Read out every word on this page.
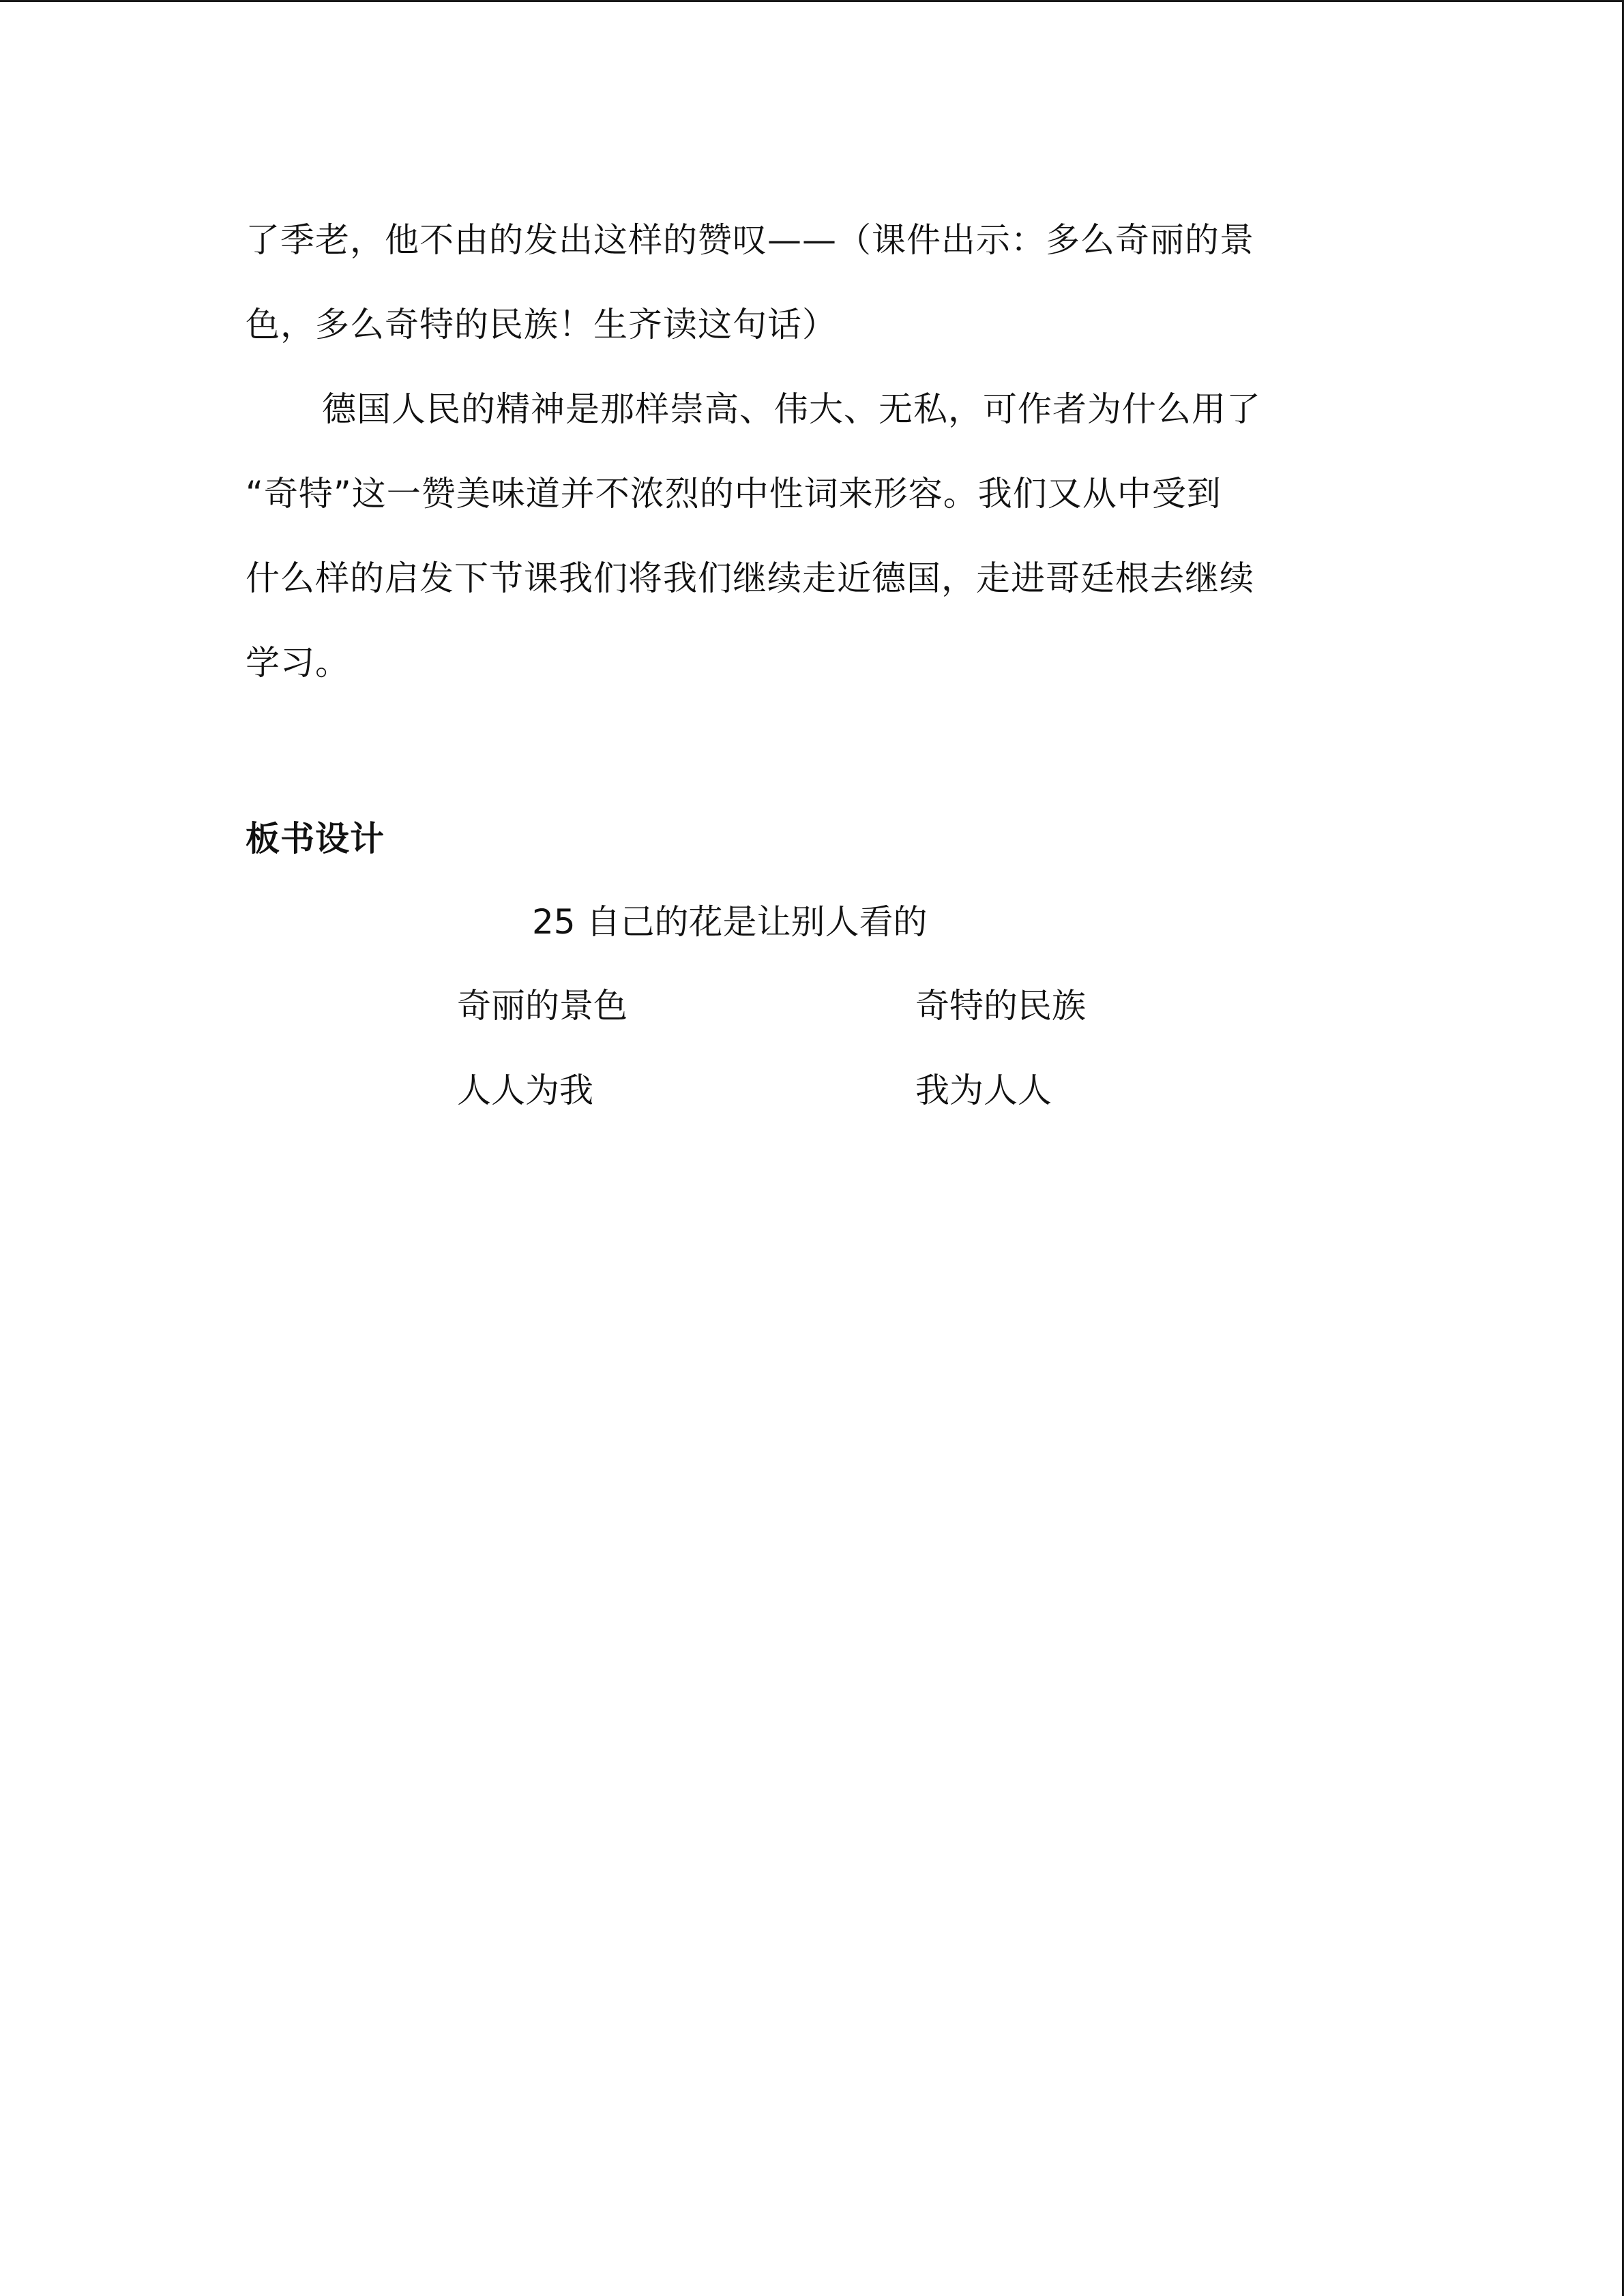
了季老，他不由的发出这样的赞叹——（课件出示：多么奇丽的景
色，多么奇特的民族！生齐读这句话）
德国人民的精神是那样崇高、伟大、无私，可作者为什么用了
“奇特”这一赞美味道并不浓烈的中性词来形容。我们又从中受到
什么样的启发下节课我们将我们继续走近德国，走进哥廷根去继续
学习。
板书设计
25 自己的花是让别人看的
奇丽的景色	奇特的民族
人人为我	我为人人
